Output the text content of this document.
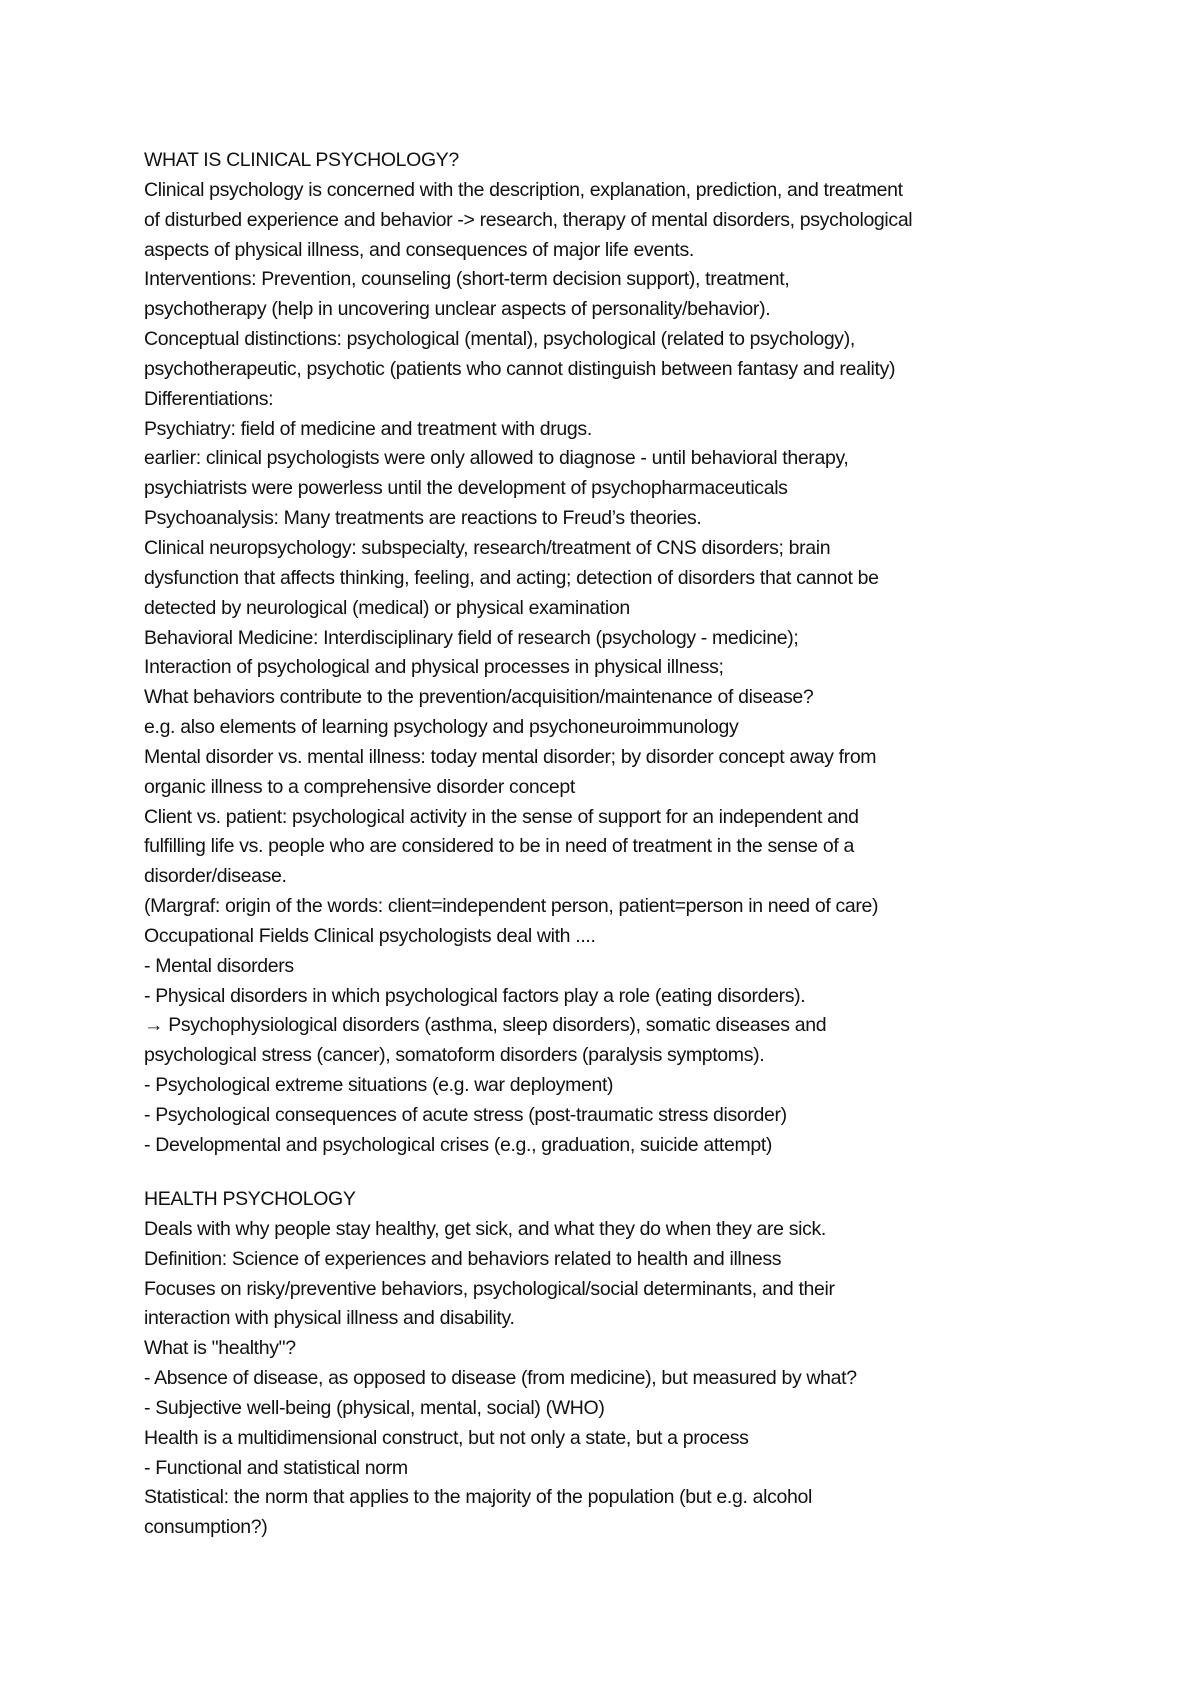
WHAT IS CLINICAL PSYCHOLOGY?
Clinical psychology is concerned with the description, explanation, prediction, and treatment
of disturbed experience and behavior -> research, therapy of mental disorders, psychological
aspects of physical illness, and consequences of major life events.
Interventions: Prevention, counseling (short-term decision support), treatment,
psychotherapy (help in uncovering unclear aspects of personality/behavior).
Conceptual distinctions: psychological (mental), psychological (related to psychology),
psychotherapeutic, psychotic (patients who cannot distinguish between fantasy and reality)
Differentiations:
Psychiatry: field of medicine and treatment with drugs.
earlier: clinical psychologists were only allowed to diagnose - until behavioral therapy,
psychiatrists were powerless until the development of psychopharmaceuticals
Psychoanalysis: Many treatments are reactions to Freud’s theories.
Clinical neuropsychology: subspecialty, research/treatment of CNS disorders; brain
dysfunction that affects thinking, feeling, and acting; detection of disorders that cannot be
detected by neurological (medical) or physical examination
Behavioral Medicine: Interdisciplinary field of research (psychology - medicine);
Interaction of psychological and physical processes in physical illness;
What behaviors contribute to the prevention/acquisition/maintenance of disease?
e.g. also elements of learning psychology and psychoneuroimmunology
Mental disorder vs. mental illness: today mental disorder; by disorder concept away from
organic illness to a comprehensive disorder concept
Client vs. patient: psychological activity in the sense of support for an independent and
fulfilling life vs. people who are considered to be in need of treatment in the sense of a
disorder/disease.
(Margraf: origin of the words: client=independent person, patient=person in need of care)
Occupational Fields Clinical psychologists deal with ....
- Mental disorders
- Physical disorders in which psychological factors play a role (eating disorders).
→ Psychophysiological disorders (asthma, sleep disorders), somatic diseases and
psychological stress (cancer), somatoform disorders (paralysis symptoms).
- Psychological extreme situations (e.g. war deployment)
- Psychological consequences of acute stress (post-traumatic stress disorder)
- Developmental and psychological crises (e.g., graduation, suicide attempt)
HEALTH PSYCHOLOGY
Deals with why people stay healthy, get sick, and what they do when they are sick.
Definition: Science of experiences and behaviors related to health and illness
Focuses on risky/preventive behaviors, psychological/social determinants, and their
interaction with physical illness and disability.
What is "healthy"?
- Absence of disease, as opposed to disease (from medicine), but measured by what?
- Subjective well-being (physical, mental, social) (WHO)
Health is a multidimensional construct, but not only a state, but a process
- Functional and statistical norm
Statistical: the norm that applies to the majority of the population (but e.g. alcohol
consumption?)
